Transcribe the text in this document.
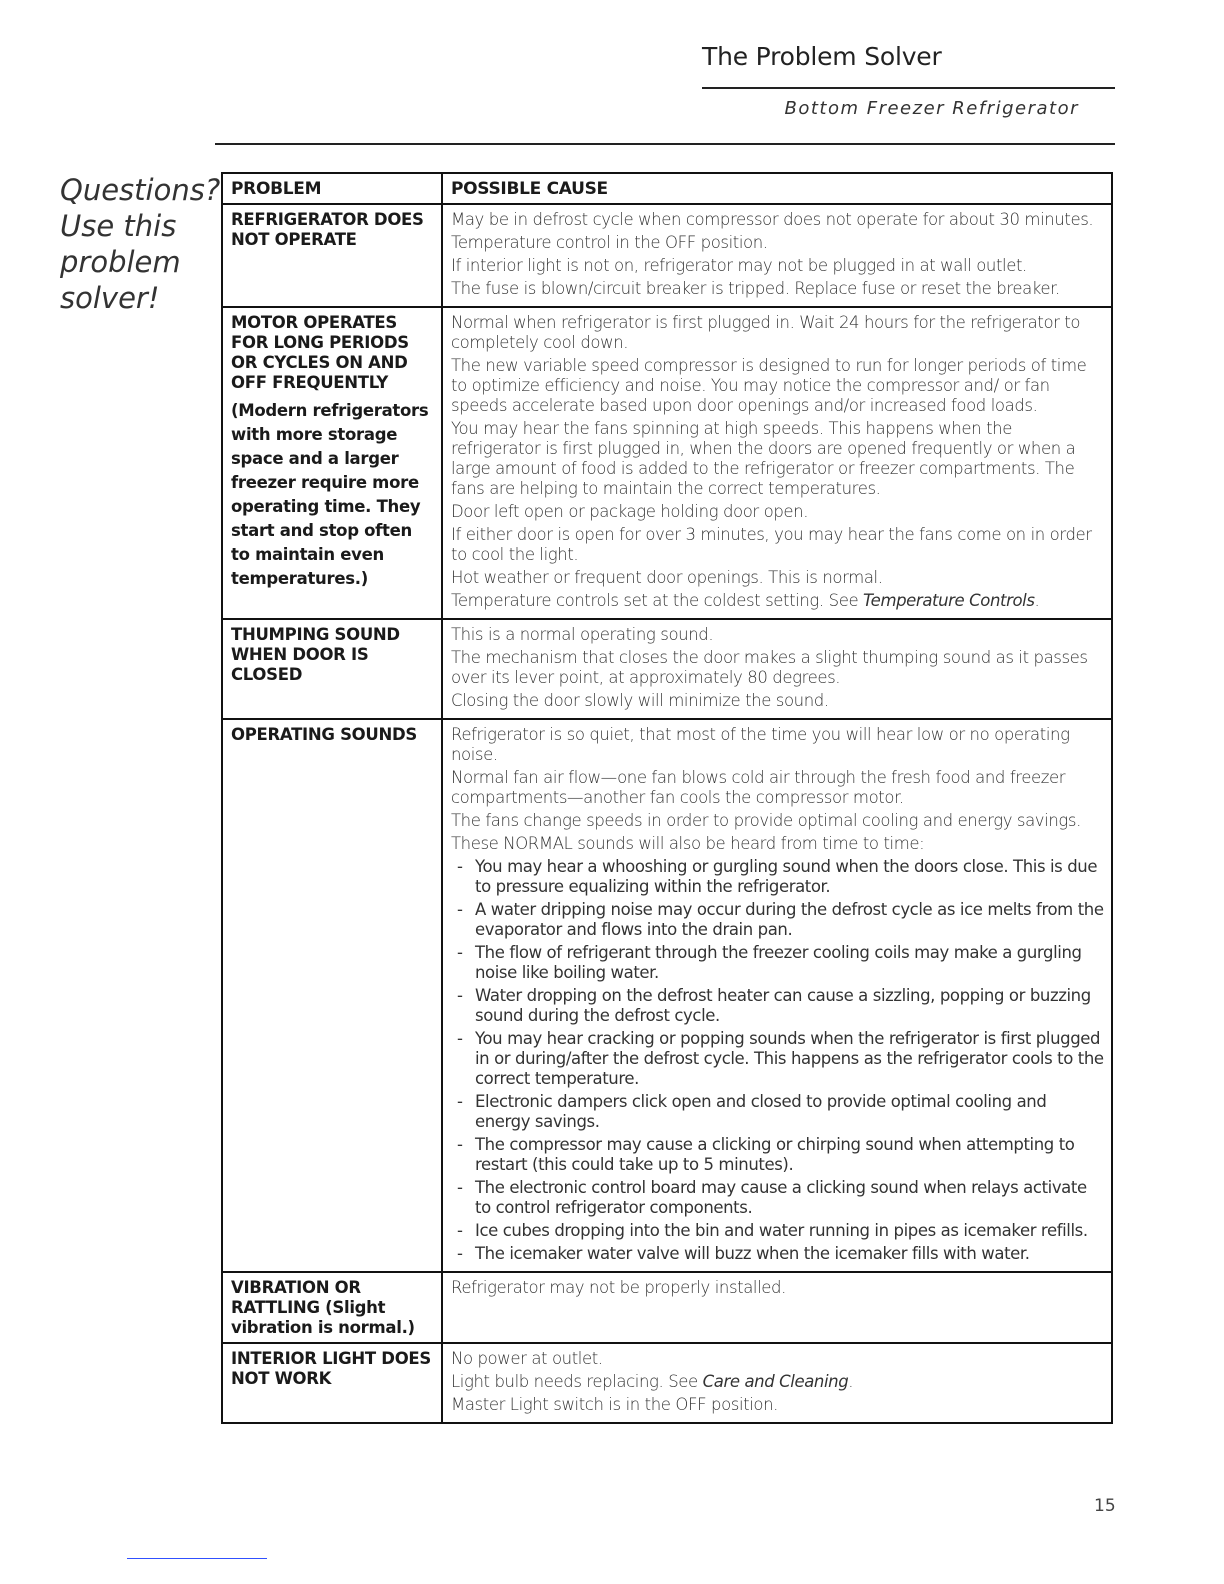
The Problem Solver
Bottom Freezer Refrigerator
Questions?
Use this
problem
solver!
PROBLEM	POSSIBLE CAUSE
REFRIGERATOR DOES NOT OPERATE
May be in defrost cycle when compressor does not operate for about 30 minutes.
Temperature control in the OFF position.
If interior light is not on, refrigerator may not be plugged in at wall outlet.
The fuse is blown/circuit breaker is tripped. Replace fuse or reset the breaker.
MOTOR OPERATES FOR LONG PERIODS OR CYCLES ON AND OFF FREQUENTLY
(Modern refrigerators with more storage space and a larger freezer require more operating time. They start and stop often to maintain even temperatures.)
Normal when refrigerator is first plugged in. Wait 24 hours for the refrigerator to completely cool down.
The new variable speed compressor is designed to run for longer periods of time to optimize efficiency and noise. You may notice the compressor and/ or fan speeds accelerate based upon door openings and/or increased food loads.
You may hear the fans spinning at high speeds. This happens when the refrigerator is first plugged in, when the doors are opened frequently or when a large amount of food is added to the refrigerator or freezer compartments. The fans are helping to maintain the correct temperatures.
Door left open or package holding door open.
If either door is open for over 3 minutes, you may hear the fans come on in order to cool the light.
Hot weather or frequent door openings. This is normal.
Temperature controls set at the coldest setting. See Temperature Controls.
THUMPING SOUND WHEN DOOR IS CLOSED
This is a normal operating sound.
The mechanism that closes the door makes a slight thumping sound as it passes over its lever point, at approximately 80 degrees.
Closing the door slowly will minimize the sound.
OPERATING SOUNDS	Refrigerator is so quiet, that most of the time you will hear low or no operating noise.
Normal fan air flow—one fan blows cold air through the fresh food and freezer compartments—another fan cools the compressor motor.
The fans change speeds in order to provide optimal cooling and energy savings.
These NORMAL sounds will also be heard from time to time:
- You may hear a whooshing or gurgling sound when the doors close. This is due to pressure equalizing within the refrigerator.
- A water dripping noise may occur during the defrost cycle as ice melts from the evaporator and flows into the drain pan.
- The flow of refrigerant through the freezer cooling coils may make a gurgling noise like boiling water.
- Water dropping on the defrost heater can cause a sizzling, popping or buzzing sound during the defrost cycle.
- You may hear cracking or popping sounds when the refrigerator is first plugged in or during/after the defrost cycle. This happens as the refrigerator cools to the correct temperature.
- Electronic dampers click open and closed to provide optimal cooling and energy savings.
- The compressor may cause a clicking or chirping sound when attempting to restart (this could take up to 5 minutes).
- The electronic control board may cause a clicking sound when relays activate to control refrigerator components.
- Ice cubes dropping into the bin and water running in pipes as icemaker refills.
- The icemaker water valve will buzz when the icemaker fills with water.
VIBRATION OR RATTLING (Slight vibration is normal.)
Refrigerator may not be properly installed.
INTERIOR LIGHT DOES NOT WORK
No power at outlet.
Light bulb needs replacing. See Care and Cleaning.
Master Light switch is in the OFF position.
15
